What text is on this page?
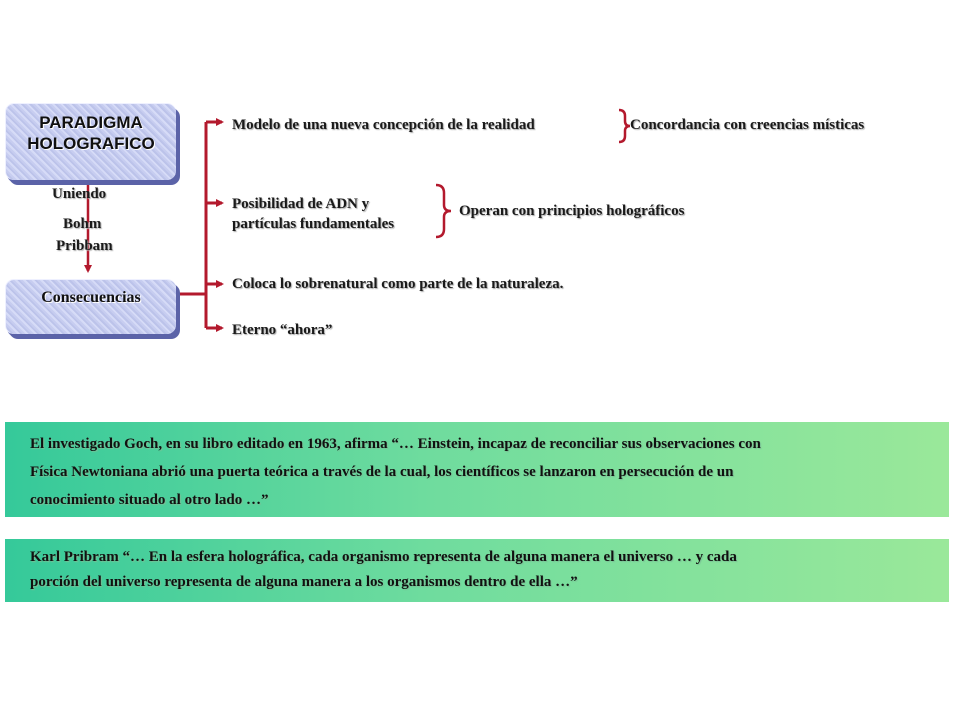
PARADIGMA
HOLOGRAFICO
Uniendo
Bohm
Pribbam
Consecuencias
Modelo de una nueva concepción de la realidad	Concordancia con creencias místicas
Posibilidad de ADN y
partículas fundamentales
Operan con principios holográficos
Coloca lo sobrenatural como parte de la naturaleza.
Eterno “ahora”
El investigado Goch, en su libro editado en 1963, afirma “… Einstein, incapaz de reconciliar sus observaciones con
Física Newtoniana abrió una puerta teórica a través de la cual, los científicos se lanzaron en persecución de un
conocimiento situado al otro lado …”
Karl Pribram “… En la esfera holográfica, cada organismo representa de alguna manera el universo … y cada
porción del universo representa de alguna manera a los organismos dentro de ella …”
